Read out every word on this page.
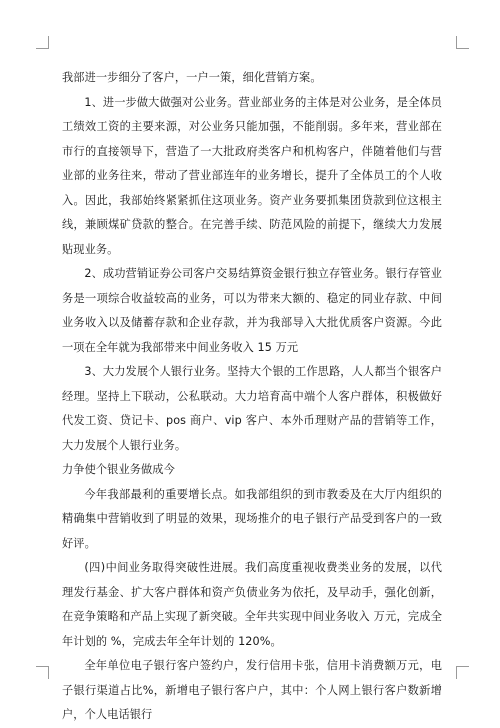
我部进一步细分了客户，一户一策，细化营销方案。

1、进一步做大做强对公业务。营业部业务的主体是对公业务，是全体员工绩效工资的主要来源，对公业务只能加强，不能削弱。多年来，营业部在市行的直接领导下，营造了一大批政府类客户和机构客户，伴随着他们与营业部的业务往来，带动了营业部连年的业务增长，提升了全体员工的个人收入。因此，我部始终紧紧抓住这项业务。资产业务要抓集团贷款到位这根主线，兼顾煤矿贷款的整合。在完善手续、防范风险的前提下，继续大力发展贴现业务。

2、成功营销证券公司客户交易结算资金银行独立存管业务。银行存管业务是一项综合收益较高的业务，可以为带来大额的、稳定的同业存款、中间业务收入以及储蓄存款和企业存款，并为我部导入大批优质客户资源。今此一项在全年就为我部带来中间业务收入 15 万元

3、大力发展个人银行业务。坚持大个银的工作思路，人人都当个银客户经理。坚持上下联动，公私联动。大力培育高中端个人客户群体，积极做好代发工资、贷记卡、pos 商户、vip 客户、本外币理财产品的营销等工作，大力发展个人银行业务。

力争使个银业务做成今

今年我部最利的重要增长点。如我部组织的到市教委及在大厅内组织的精确集中营销收到了明显的效果，现场推介的电子银行产品受到客户的一致好评。

(四)中间业务取得突破性进展。我们高度重视收费类业务的发展，以代理发行基金、扩大客户群体和资产负债业务为依托，及早动手，强化创新，在竞争策略和产品上实现了新突破。全年共实现中间业务收入 万元，完成全年计划的 %，完成去年全年计划的 120%。

全年单位电子银行客户签约户，发行信用卡张，信用卡消费额万元，电子银行渠道占比%，新增电子银行客户户，其中：个人网上银行客户数新增户，个人电话银行
